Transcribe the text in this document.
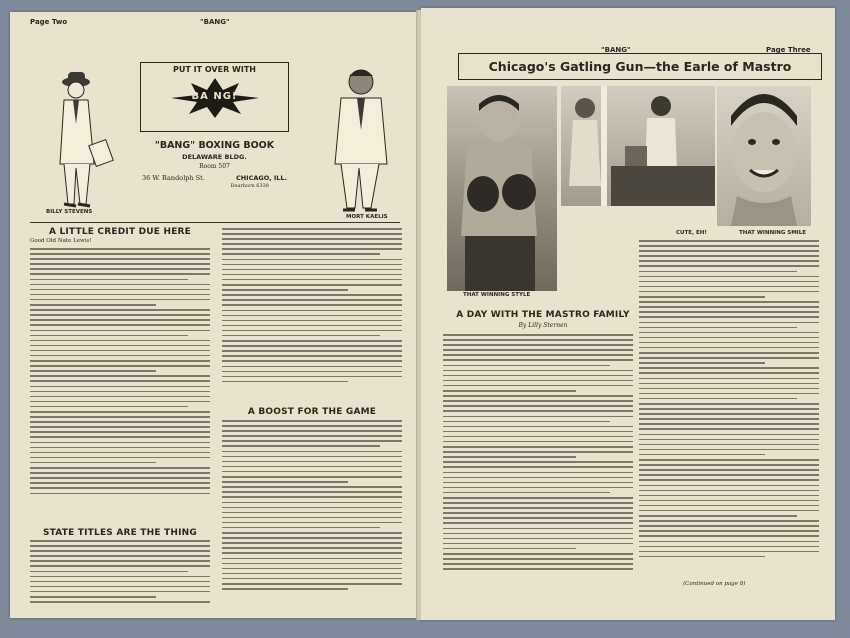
Page Two	"BANG"
BILLY STEVENS
PUT IT OVER WITH
BA NG!
"BANG" BOXING BOOK
DELAWARE BLDG.
Room 507
36 W. Randolph St.	CHICAGO, ILL.
Dearborn 6338
MORT KAELIS
A LITTLE CREDIT DUE HERE
Good Old Nate Lewis!
STATE TITLES ARE THE THING
A BOOST FOR THE GAME
"BANG"	Page Three
Chicago's Gatling Gun—the Earle of Mastro
THAT WINNING STYLE
CUTE, EH!	THAT WINNING SMILE
A DAY WITH THE MASTRO FAMILY
By Lilly Sternen
(Continued on page 8)
